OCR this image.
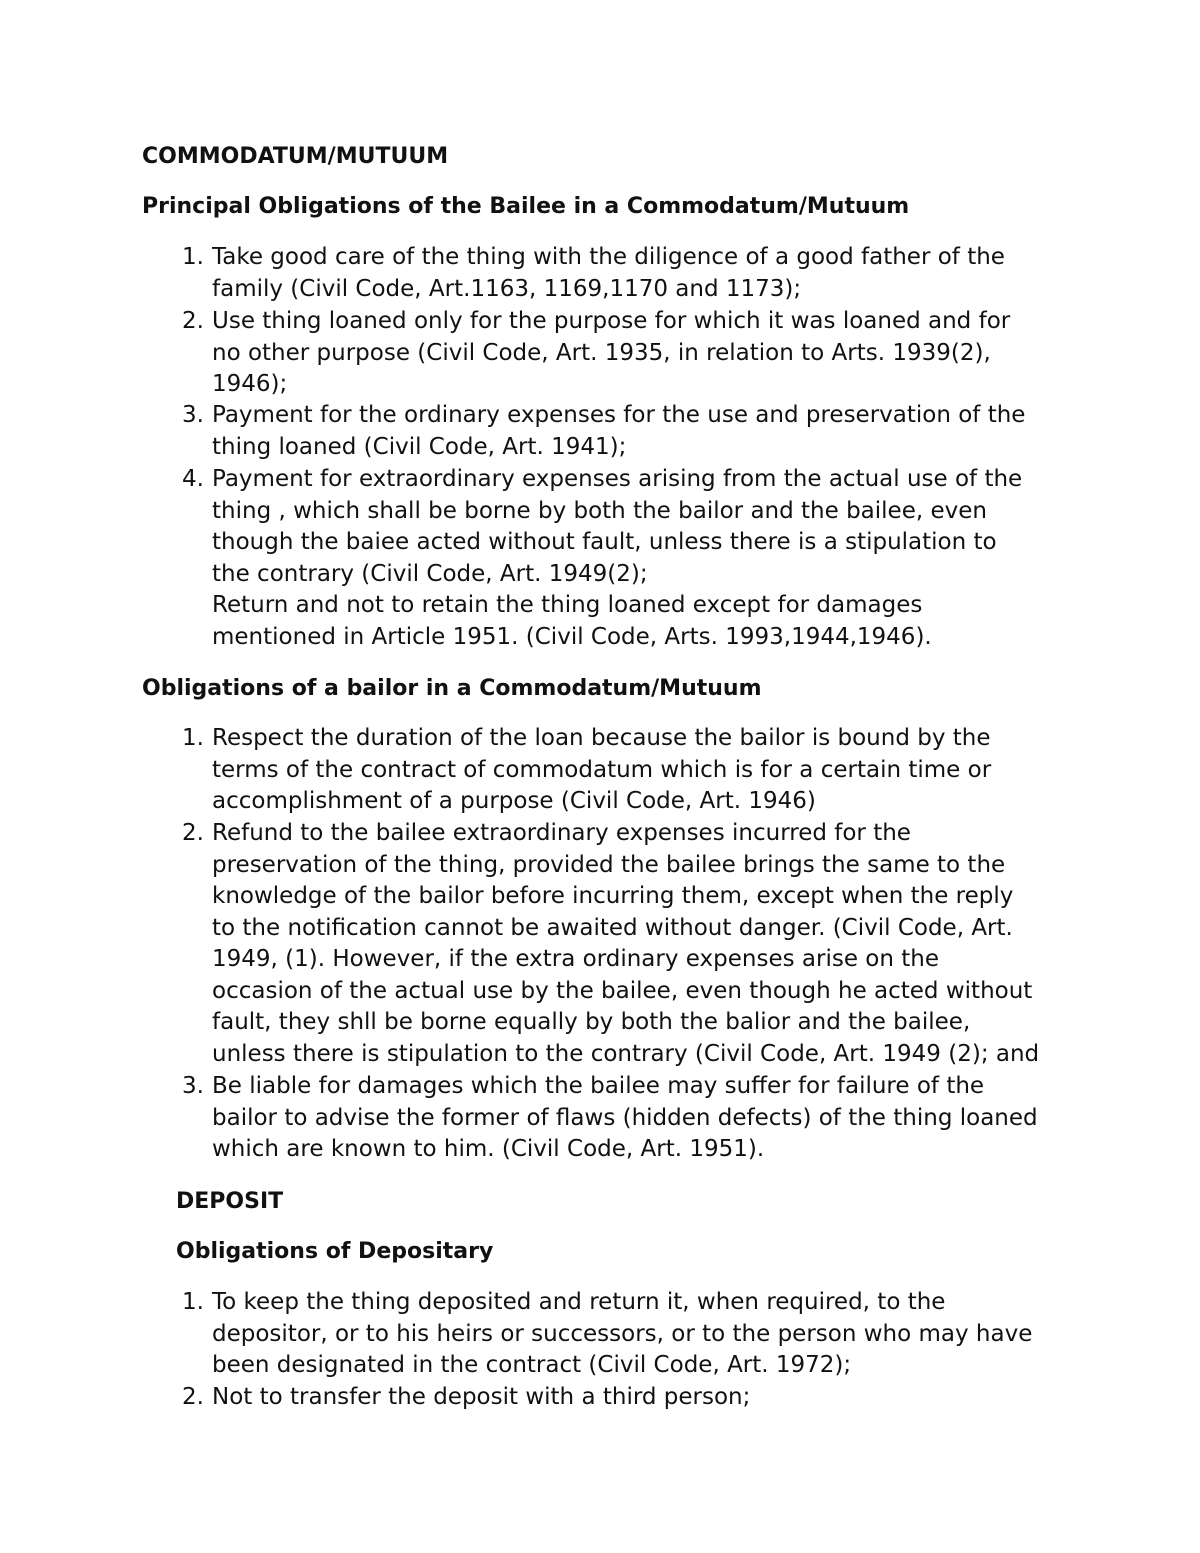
COMMODATUM/MUTUUM
Principal Obligations of the Bailee in a Commodatum/Mutuum
1. Take good care of the thing with the diligence of a good father of the
family (Civil Code, Art.1163, 1169,1170 and 1173);
2. Use thing loaned only for the purpose for which it was loaned and for
no other purpose (Civil Code, Art. 1935, in relation to Arts. 1939(2),
1946);
3. Payment for the ordinary expenses for the use and preservation of the
thing loaned (Civil Code, Art. 1941);
4. Payment for extraordinary expenses arising from the actual use of the
thing , which shall be borne by both the bailor and the bailee, even
though the baiee acted without fault, unless there is a stipulation to
the contrary (Civil Code, Art. 1949(2);
Return and not to retain the thing loaned except for damages
mentioned in Article 1951. (Civil Code, Arts. 1993,1944,1946).
Obligations of a bailor in a Commodatum/Mutuum
1. Respect the duration of the loan because the bailor is bound by the
terms of the contract of commodatum which is for a certain time or
accomplishment of a purpose (Civil Code, Art. 1946)
2. Refund to the bailee extraordinary expenses incurred for the
preservation of the thing, provided the bailee brings the same to the
knowledge of the bailor before incurring them, except when the reply
to the notification cannot be awaited without danger. (Civil Code, Art.
1949, (1). However, if the extra ordinary expenses arise on the
occasion of the actual use by the bailee, even though he acted without
fault, they shll be borne equally by both the balior and the bailee,
unless there is stipulation to the contrary (Civil Code, Art. 1949 (2); and
3. Be liable for damages which the bailee may suffer for failure of the
bailor to advise the former of flaws (hidden defects) of the thing loaned
which are known to him. (Civil Code, Art. 1951).
DEPOSIT
Obligations of Depositary
1. To keep the thing deposited and return it, when required, to the
depositor, or to his heirs or successors, or to the person who may have
been designated in the contract (Civil Code, Art. 1972);
2. Not to transfer the deposit with a third person;
